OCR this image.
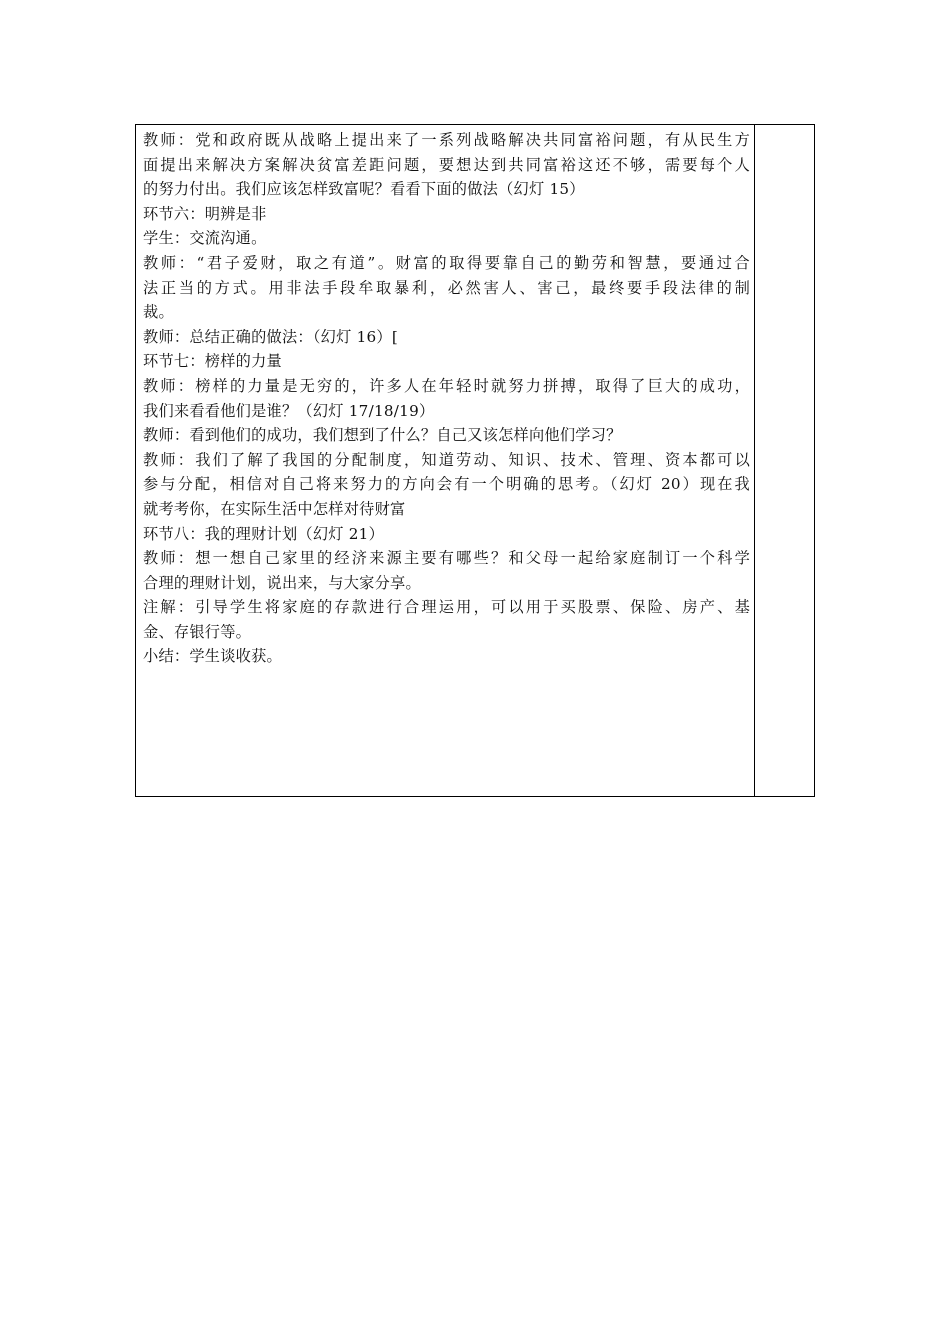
教师：党和政府既从战略上提出来了一系列战略解决共同富裕问题，有从民生方
面提出来解决方案解决贫富差距问题，要想达到共同富裕这还不够，需要每个人
的努力付出。我们应该怎样致富呢？看看下面的做法（幻灯 15）
环节六：明辨是非
学生：交流沟通。
教师：“君子爱财，取之有道”。财富的取得要靠自己的勤劳和智慧，要通过合
法正当的方式。用非法手段牟取暴利，必然害人、害己，最终要手段法律的制
裁。
教师：总结正确的做法：（幻灯 16）[
环节七：榜样的力量
教师：榜样的力量是无穷的，许多人在年轻时就努力拼搏，取得了巨大的成功，
我们来看看他们是谁？（幻灯 17/18/19）
教师：看到他们的成功，我们想到了什么？自己又该怎样向他们学习？
教师：我们了解了我国的分配制度，知道劳动、知识、技术、管理、资本都可以
参与分配，相信对自己将来努力的方向会有一个明确的思考。（幻灯 20）现在我
就考考你，在实际生活中怎样对待财富
环节八：我的理财计划（幻灯 21）
教师：想一想自己家里的经济来源主要有哪些？和父母一起给家庭制订一个科学
合理的理财计划，说出来，与大家分享。
注解：引导学生将家庭的存款进行合理运用，可以用于买股票、保险、房产、基
金、存银行等。
小结：学生谈收获。
